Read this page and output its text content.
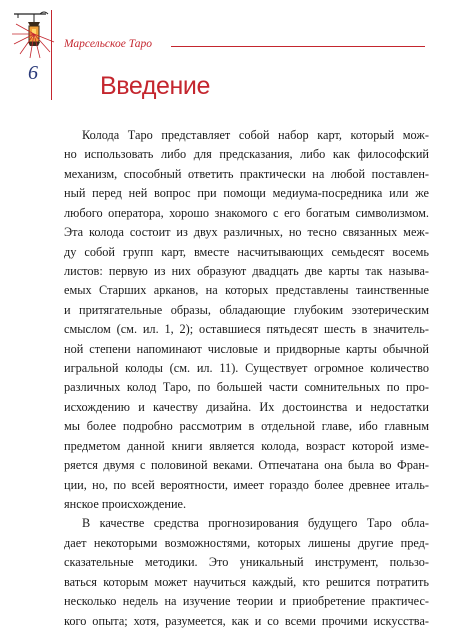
Марсельское Таро
6 Введение
Колода Таро представляет собой набор карт, который мож-
но использовать либо для предсказания, либо как философский
механизм, способный ответить практически на любой поставлен-
ный перед ней вопрос при помощи медиума-посредника или же
любого оператора, хорошо знакомого с его богатым символизмом.
Эта колода состоит из двух различных, но тесно связанных меж-
ду собой групп карт, вместе насчитывающих семьдесят восемь
листов: первую из них образуют двадцать две карты так называ-
емых Старших арканов, на которых представлены таинственные
и притягательные образы, обладающие глубоким эзотерическим
смыслом (см. ил. 1, 2); оставшиеся пятьдесят шесть в значитель-
ной степени напоминают числовые и придворные карты обычной
игральной колоды (см. ил. 11). Существует огромное количество
различных колод Таро, по большей части сомнительных по про-
исхождению и качеству дизайна. Их достоинства и недостатки
мы более подробно рассмотрим в отдельной главе, ибо главным
предметом данной книги является колода, возраст которой изме-
ряется двумя с половиной веками. Отпечатана она была во Фран-
ции, но, по всей вероятности, имеет гораздо более древнее италь-
янское происхождение.
В качестве средства прогнозирования будущего Таро обла-
дает некоторыми возможностями, которых лишены другие пред-
сказательные методики. Это уникальный инструмент, пользо-
ваться которым может научиться каждый, кто решится потратить
несколько недель на изучение теории и приобретение практичес-
кого опыта; хотя, разумеется, как и со всеми прочими искусства-
